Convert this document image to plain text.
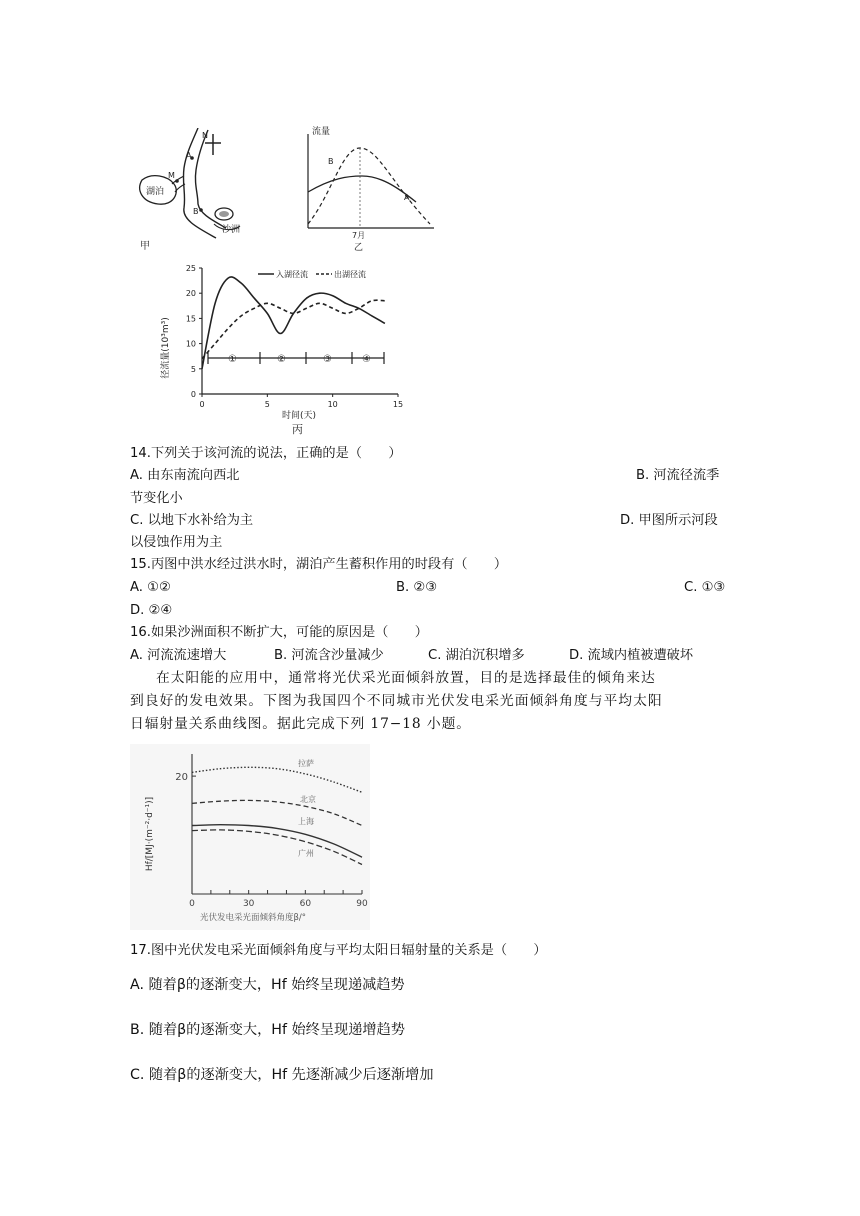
N
A
M
B
湖泊
沙洲
甲
流量
B
A
7月
乙
径流量(10³m³)
入湖径流	出湖径流
①	②	③	④
0
5
10
15
20
25
0	5	10	15
时间(天)
丙
14.下列关于该河流的说法，正确的是（　　）
A. 由东南流向西北	B. 河流径流季
节变化小
C. 以地下水补给为主	D. 甲图所示河段
以侵蚀作用为主
15.丙图中洪水经过洪水时，湖泊产生蓄积作用的时段有（　　）
A. ①②	B. ②③	C. ①③
D. ②④
16.如果沙洲面积不断扩大，可能的原因是（　　）
A. 河流流速增大	B. 河流含沙量减少	C. 湖泊沉积增多	D. 流域内植被遭破坏
在太阳能的应用中，通常将光伏采光面倾斜放置，目的是选择最佳的倾角来达
到良好的发电效果。下图为我国四个不同城市光伏发电采光面倾斜角度与平均太阳
日辐射量关系曲线图。据此完成下列 17−18 小题。
Hf/[MJ·(m⁻²·d⁻¹)]
20
0	30	60	90
拉萨
北京
上海
广州
光伏发电采光面倾斜角度β/°
17.图中光伏发电采光面倾斜角度与平均太阳日辐射量的关系是（　　）
A. 随着β的逐渐变大，Hf 始终呈现递减趋势
B. 随着β的逐渐变大，Hf 始终呈现递增趋势
C. 随着β的逐渐变大，Hf 先逐渐减少后逐渐增加
